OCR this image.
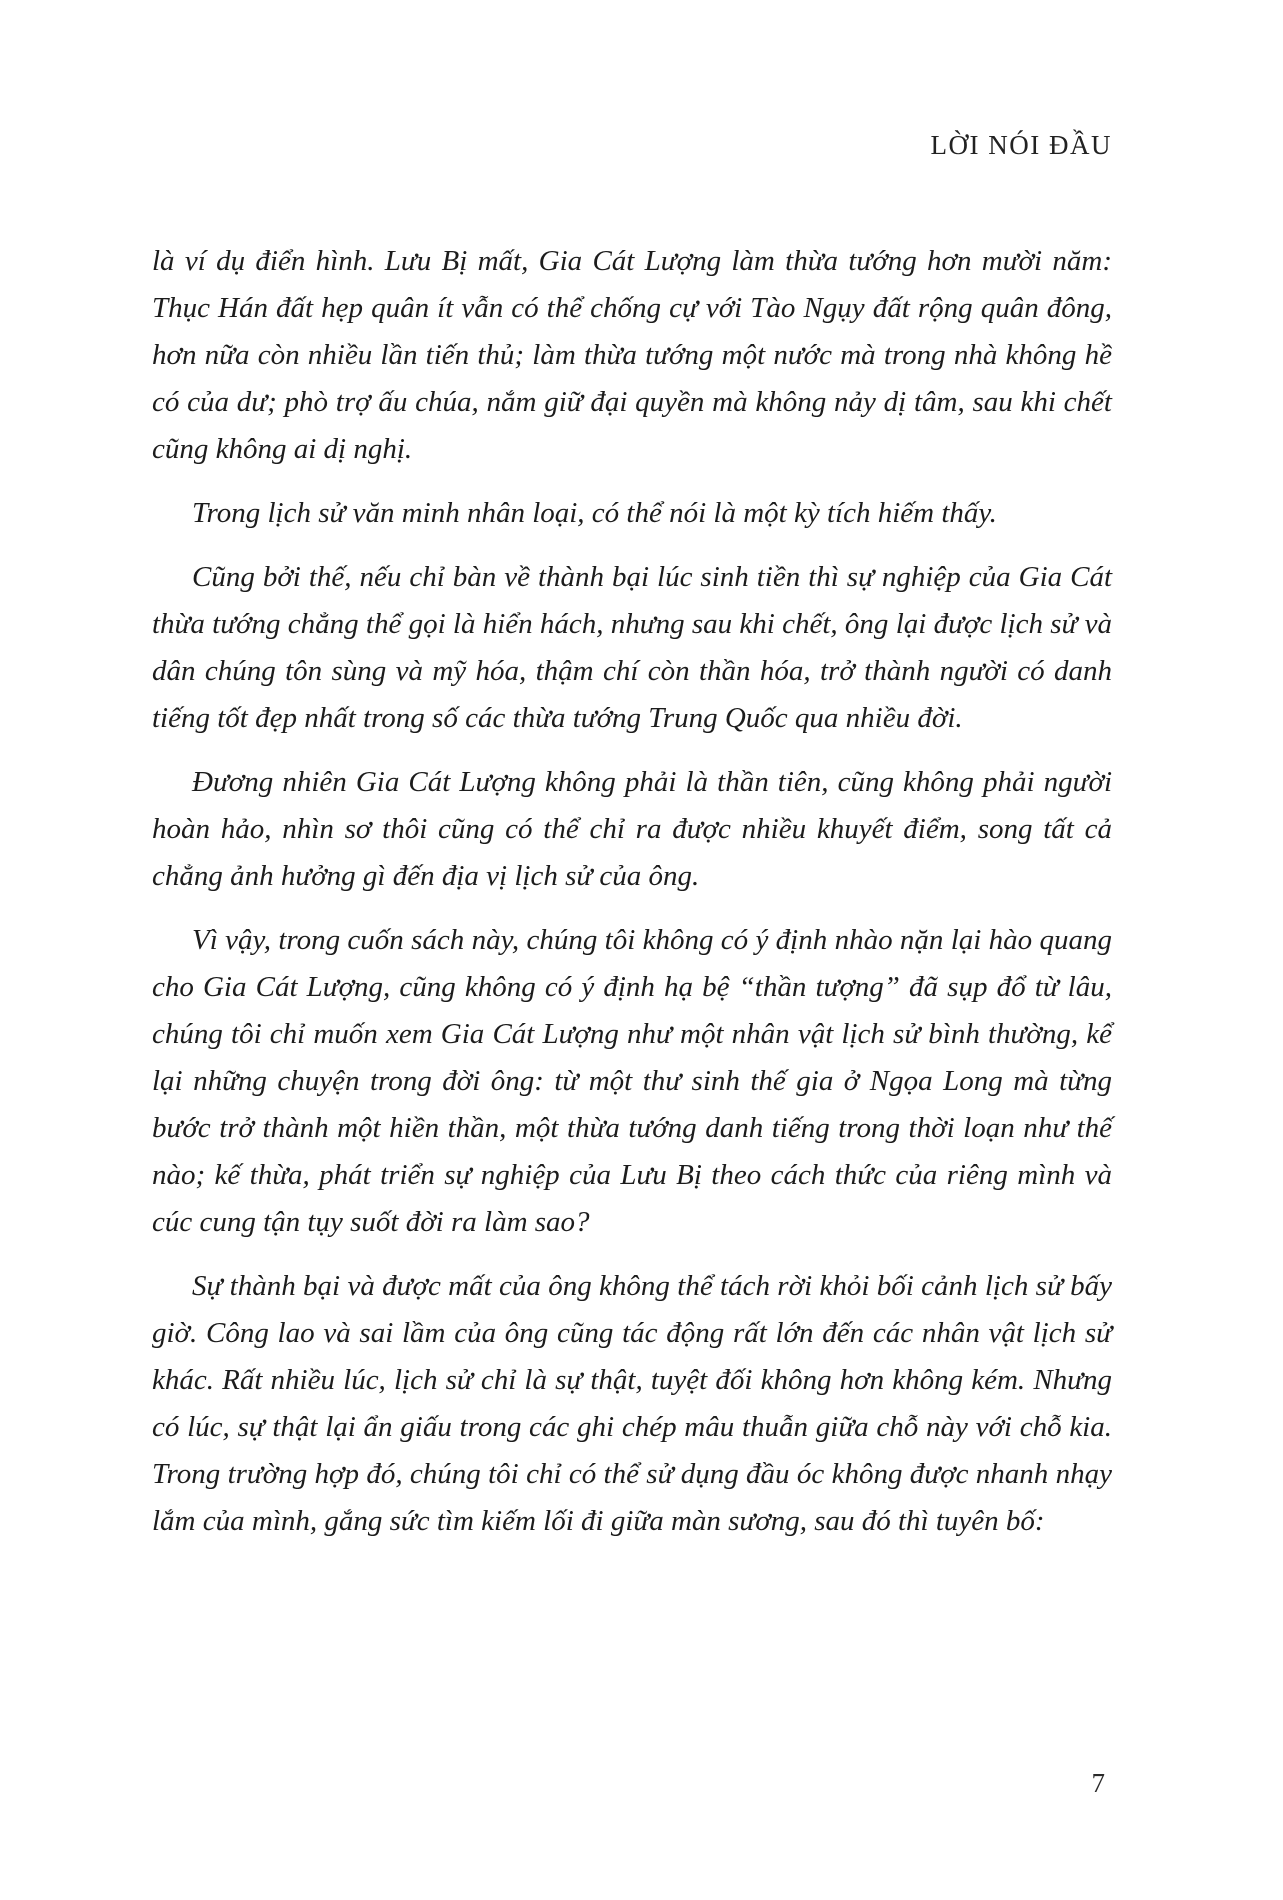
LỜI NÓI ĐẦU

là ví dụ điển hình. Lưu Bị mất, Gia Cát Lượng làm thừa tướng hơn mười năm: Thục Hán đất hẹp quân ít vẫn có thể chống cự với Tào Ngụy đất rộng quân đông, hơn nữa còn nhiều lần tiến thủ; làm thừa tướng một nước mà trong nhà không hề có của dư; phò trợ ấu chúa, nắm giữ đại quyền mà không nảy dị tâm, sau khi chết cũng không ai dị nghị.

Trong lịch sử văn minh nhân loại, có thể nói là một kỳ tích hiếm thấy.

Cũng bởi thế, nếu chỉ bàn về thành bại lúc sinh tiền thì sự nghiệp của Gia Cát thừa tướng chẳng thể gọi là hiển hách, nhưng sau khi chết, ông lại được lịch sử và dân chúng tôn sùng và mỹ hóa, thậm chí còn thần hóa, trở thành người có danh tiếng tốt đẹp nhất trong số các thừa tướng Trung Quốc qua nhiều đời.

Đương nhiên Gia Cát Lượng không phải là thần tiên, cũng không phải người hoàn hảo, nhìn sơ thôi cũng có thể chỉ ra được nhiều khuyết điểm, song tất cả chẳng ảnh hưởng gì đến địa vị lịch sử của ông.

Vì vậy, trong cuốn sách này, chúng tôi không có ý định nhào nặn lại hào quang cho Gia Cát Lượng, cũng không có ý định hạ bệ “thần tượng” đã sụp đổ từ lâu, chúng tôi chỉ muốn xem Gia Cát Lượng như một nhân vật lịch sử bình thường, kể lại những chuyện trong đời ông: từ một thư sinh thế gia ở Ngọa Long mà từng bước trở thành một hiền thần, một thừa tướng danh tiếng trong thời loạn như thế nào; kế thừa, phát triển sự nghiệp của Lưu Bị theo cách thức của riêng mình và cúc cung tận tụy suốt đời ra làm sao?

Sự thành bại và được mất của ông không thể tách rời khỏi bối cảnh lịch sử bấy giờ. Công lao và sai lầm của ông cũng tác động rất lớn đến các nhân vật lịch sử khác. Rất nhiều lúc, lịch sử chỉ là sự thật, tuyệt đối không hơn không kém. Nhưng có lúc, sự thật lại ẩn giấu trong các ghi chép mâu thuẫn giữa chỗ này với chỗ kia. Trong trường hợp đó, chúng tôi chỉ có thể sử dụng đầu óc không được nhanh nhạy lắm của mình, gắng sức tìm kiếm lối đi giữa màn sương, sau đó thì tuyên bố:

7
